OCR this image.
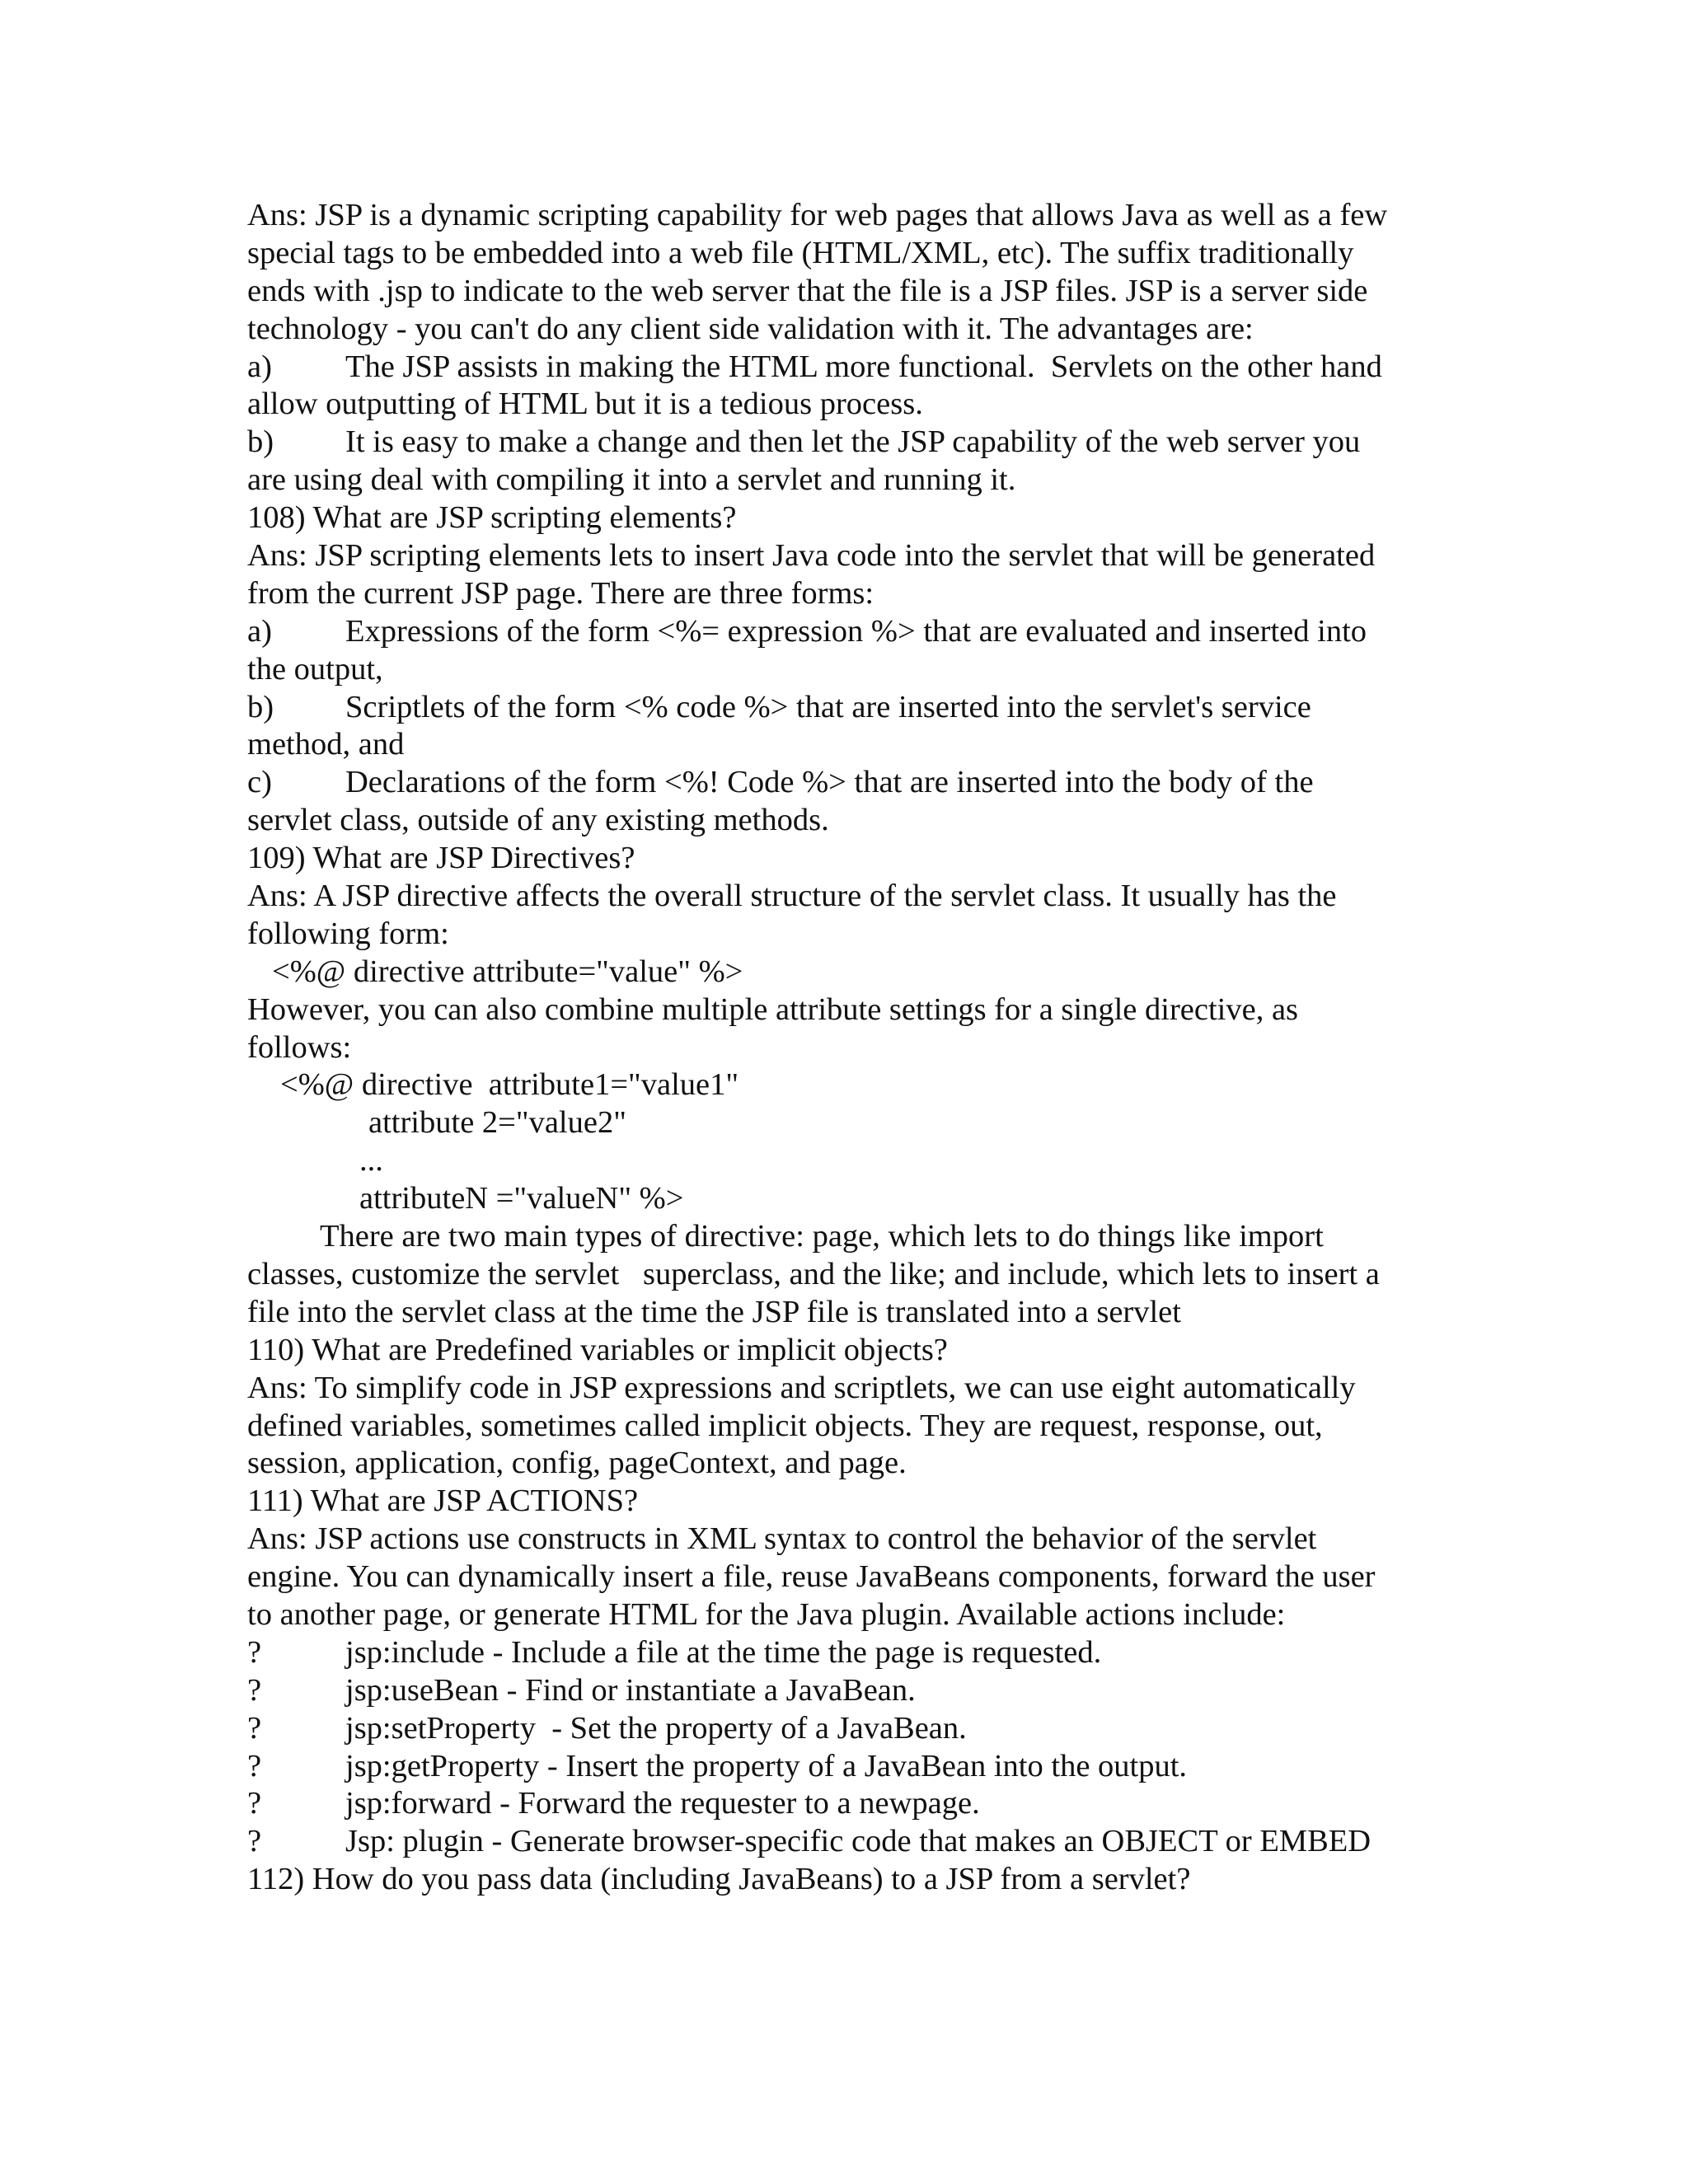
Ans: JSP is a dynamic scripting capability for web pages that allows Java as well as a few
special tags to be embedded into a web file (HTML/XML, etc). The suffix traditionally
ends with .jsp to indicate to the web server that the file is a JSP files. JSP is a server side
technology - you can't do any client side validation with it. The advantages are:
a) The JSP assists in making the HTML more functional.  Servlets on the other hand
allow outputting of HTML but it is a tedious process.
b) It is easy to make a change and then let the JSP capability of the web server you
are using deal with compiling it into a servlet and running it.
108) What are JSP scripting elements?
Ans: JSP scripting elements lets to insert Java code into the servlet that will be generated
from the current JSP page. There are three forms:
a) Expressions of the form <%= expression %> that are evaluated and inserted into
the output,
b) Scriptlets of the form <% code %> that are inserted into the servlet's service
method, and
c) Declarations of the form <%! Code %> that are inserted into the body of the
servlet class, outside of any existing methods.
109) What are JSP Directives?
Ans: A JSP directive affects the overall structure of the servlet class. It usually has the
following form:
<%@ directive attribute="value" %>
However, you can also combine multiple attribute settings for a single directive, as
follows:
<%@ directive  attribute1="value1"
attribute 2="value2"
...
attributeN ="valueN" %>
There are two main types of directive: page, which lets to do things like import
classes, customize the servlet   superclass, and the like; and include, which lets to insert a
file into the servlet class at the time the JSP file is translated into a servlet
110) What are Predefined variables or implicit objects?
Ans: To simplify code in JSP expressions and scriptlets, we can use eight automatically
defined variables, sometimes called implicit objects. They are request, response, out,
session, application, config, pageContext, and page.
111) What are JSP ACTIONS?
Ans: JSP actions use constructs in XML syntax to control the behavior of the servlet
engine. You can dynamically insert a file, reuse JavaBeans components, forward the user
to another page, or generate HTML for the Java plugin. Available actions include:
?	jsp:include - Include a file at the time the page is requested.
?	jsp:useBean - Find or instantiate a JavaBean.
?	jsp:setProperty  - Set the property of a JavaBean.
?	jsp:getProperty - Insert the property of a JavaBean into the output.
?	jsp:forward - Forward the requester to a newpage.
?	Jsp: plugin - Generate browser-specific code that makes an OBJECT or EMBED
112) How do you pass data (including JavaBeans) to a JSP from a servlet?
